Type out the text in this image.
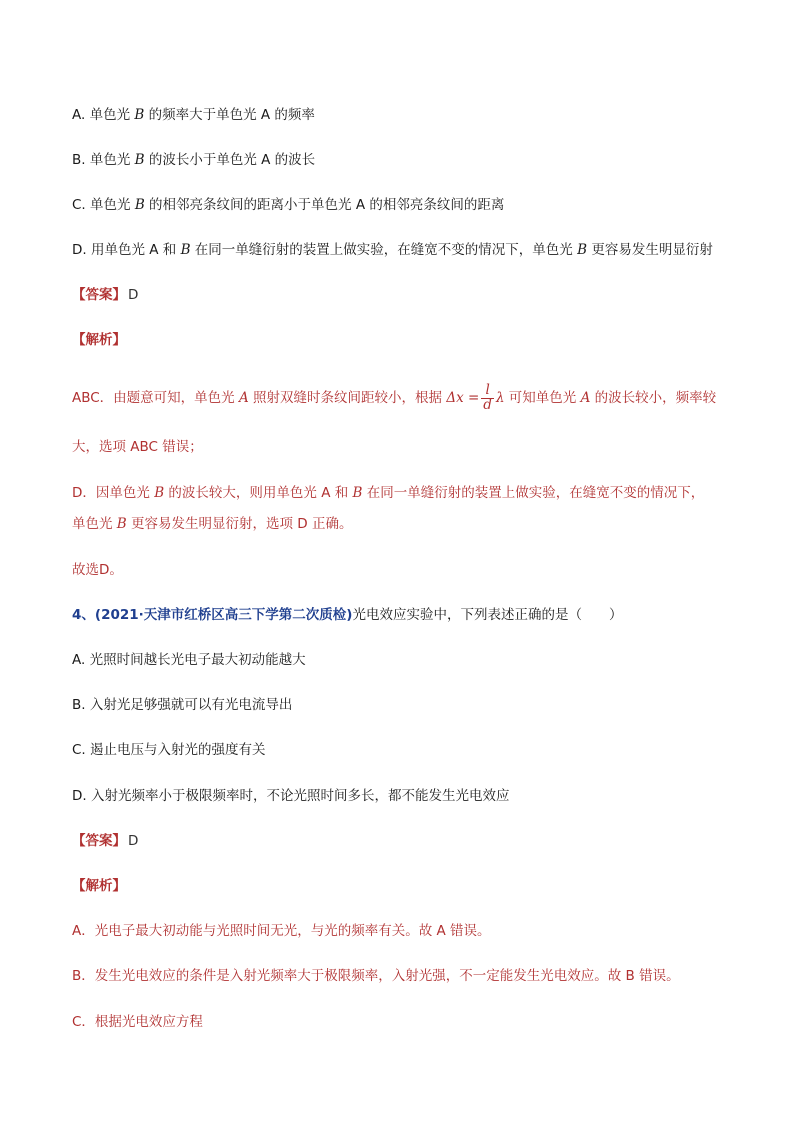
A. 单色光 B 的频率大于单色光 A 的频率
B. 单色光 B 的波长小于单色光 A 的波长
C. 单色光 B 的相邻亮条纹间的距离小于单色光 A 的相邻亮条纹间的距离
D. 用单色光 A 和 B 在同一单缝衍射的装置上做实验，在缝宽不变的情况下，单色光 B 更容易发生明显衍射
【答案】 D
【解析】
ABC．由题意可知，单色光 A 照射双缝时条纹间距较小，根据 $\Delta x = \frac{l}{d}$ λ 可知单色光 A 的波长较小，频率较
大，选项 ABC 错误；
D．因单色光 B 的波长较大，则用单色光 A 和 B 在同一单缝衍射的装置上做实验，在缝宽不变的情况下，
单色光 B 更容易发生明显衍射，选项 D 正确。
故选D。
4、(2021·天津市红桥区高三下学第二次质检)光电效应实验中，下列表述正确的是（　　）
A. 光照时间越长光电子最大初动能越大
B. 入射光足够强就可以有光电流导出
C. 遏止电压与入射光的强度有关
D. 入射光频率小于极限频率时，不论光照时间多长，都不能发生光电效应
【答案】 D
【解析】
A．光电子最大初动能与光照时间无光，与光的频率有关。故 A 错误。
B．发生光电效应的条件是入射光频率大于极限频率，入射光强，不一定能发生光电效应。故 B 错误。
C．根据光电效应方程
